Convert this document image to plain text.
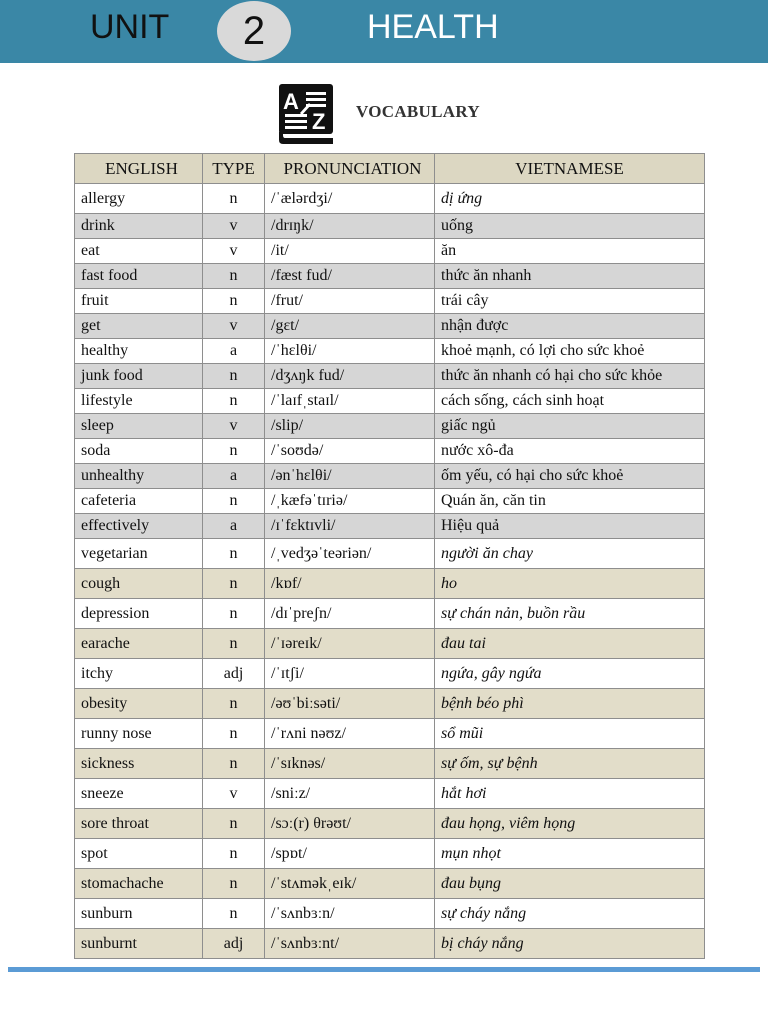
UNIT	2	HEALTH
A
Z VOCABULARY
ENGLISH	TYPE	PRONUNCIATION	VIETNAMESE
allergy	n	/ˈælərdʒi/	dị ứng
drink	v	/drɪŋk/	uống
eat	v	/it/	ăn
fast food	n	/fæst fud/	thức ăn nhanh
fruit	n	/frut/	trái cây
get	v	/gɛt/	nhận được
healthy	a	/ˈhɛlθi/	khoẻ mạnh, có lợi cho sức khoẻ
junk food	n	/dʒʌŋk fud/	thức ăn nhanh có hại cho sức khỏe
lifestyle	n	/ˈlaɪfˌstaɪl/	cách sống, cách sinh hoạt
sleep	v	/slip/	giấc ngủ
soda	n	/ˈsoʊdə/	nước xô-đa
unhealthy	a	/ənˈhɛlθi/	ốm yếu, có hại cho sức khoẻ
cafeteria	n	/ˌkæfəˈtɪriə/	Quán ăn, căn tin
effectively	a	/ɪˈfɛktɪvli/	Hiệu quả
vegetarian	n	/ˌvedʒəˈteəriən/	người ăn chay
cough	n	/kɒf/	ho
depression	n	/dɪˈpreʃn/	sự chán nản, buồn rầu
earache	n	/ˈɪəreɪk/	đau tai
itchy	adj	/ˈɪtʃi/	ngứa, gây ngứa
obesity	n	/əʊˈbiːsəti/	bệnh béo phì
runny nose	n	/ˈrʌni nəʊz/	sổ mũi
sickness	n	/ˈsɪknəs/	sự ốm, sự bệnh
sneeze	v	/sniːz/	hắt hơi
sore throat	n	/sɔː(r) θrəʊt/	đau họng, viêm họng
spot	n	/spɒt/	mụn nhọt
stomachache	n	/ˈstʌməkˌeɪk/	đau bụng
sunburn	n	/ˈsʌnbɜːn/	sự cháy nắng
sunburnt	adj	/ˈsʌnbɜːnt/	bị cháy nắng
